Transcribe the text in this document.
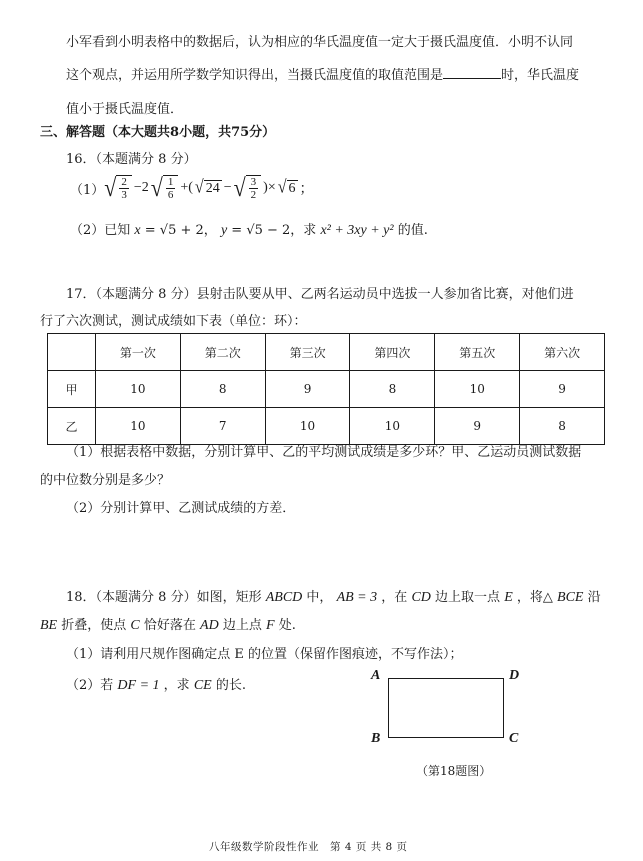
小军看到小明表格中的数据后，认为相应的华氏温度值一定大于摄氏温度值．小明不认同
这个观点，并运用所学数学知识得出，当摄氏温度值的取值范围是	时，华氏温度
值小于摄氏温度值．
三、解答题（本大题共8小题，共75分）
16．（本题满分 8 分）
（1） √ $\frac{2}{3} -2$ √ $\frac{1}{6}$ +( √ 24 − √ $\frac{3}{2}$ )× √ 6 ；
（2）已知 x = √5 + 2， y = √5 − 2，求 x² + 3xy + y² 的值.
17．（本题满分 8 分）县射击队要从甲、乙两名运动员中选拔一人参加省比赛，对他们进
行了六次测试，测试成绩如下表（单位：环）：
	第一次	第二次	第三次	第四次	第五次	第六次
甲	10	8	9	8	10	9
乙	10	7	10	10	9	8
（1）根据表格中数据，分别计算甲、乙的平均测试成绩是多少环？甲、乙运动员测试数据
的中位数分别是多少？
（2）分别计算甲、乙测试成绩的方差．
18．（本题满分 8 分）如图，矩形 ABCD 中， AB = 3 ，在 CD 边上取一点 E ，将△ BCE 沿
BE 折叠，使点 C 恰好落在 AD 边上点 F 处.
（1）请利用尺规作图确定点 E 的位置（保留作图痕迹，不写作法）；
（2）若 DF = 1 ，求 CE 的长.
A	D
B	C
（第18题图）
八年级数学阶段性作业　第 4 页 共 8 页
